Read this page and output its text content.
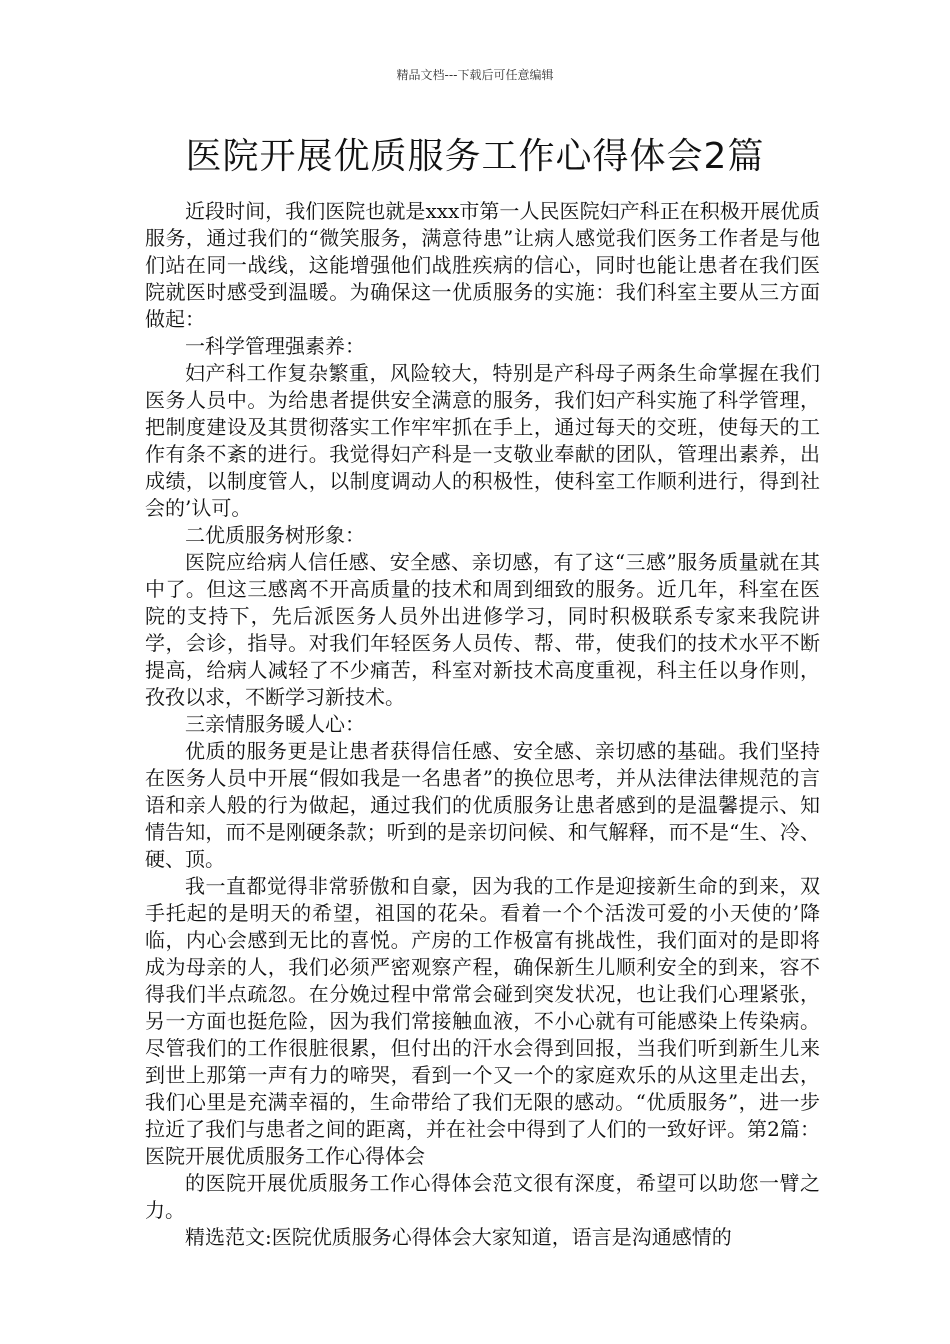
精品文档---下载后可任意编辑
医院开展优质服务工作心得体会2篇

近段时间，我们医院也就是xxx市第一人民医院妇产科正在积极开展优质服务，通过我们的“微笑服务，满意待患”让病人感觉我们医务工作者是与他们站在同一战线，这能增强他们战胜疾病的信心，同时也能让患者在我们医院就医时感受到温暖。为确保这一优质服务的实施：我们科室主要从三方面做起：

一科学管理强素养：

妇产科工作复杂繁重，风险较大，特别是产科母子两条生命掌握在我们医务人员中。为给患者提供安全满意的服务，我们妇产科实施了科学管理，把制度建设及其贯彻落实工作牢牢抓在手上，通过每天的交班，使每天的工作有条不紊的进行。我觉得妇产科是一支敬业奉献的团队，管理出素养，出成绩，以制度管人，以制度调动人的积极性，使科室工作顺利进行，得到社会的’认可。

二优质服务树形象：

医院应给病人信任感、安全感、亲切感，有了这“三感”服务质量就在其中了。但这三感离不开高质量的技术和周到细致的服务。近几年，科室在医院的支持下，先后派医务人员外出进修学习，同时积极联系专家来我院讲学，会诊，指导。对我们年轻医务人员传、帮、带，使我们的技术水平不断提高，给病人减轻了不少痛苦，科室对新技术高度重视，科主任以身作则，孜孜以求，不断学习新技术。

三亲情服务暖人心：

优质的服务更是让患者获得信任感、安全感、亲切感的基础。我们坚持在医务人员中开展“假如我是一名患者”的换位思考，并从法律法律规范的言语和亲人般的行为做起，通过我们的优质服务让患者感到的是温馨提示、知情告知，而不是刚硬条款；听到的是亲切问候、和气解释，而不是“生、冷、硬、顶。

我一直都觉得非常骄傲和自豪，因为我的工作是迎接新生命的到来，双手托起的是明天的希望，祖国的花朵。看着一个个活泼可爱的小天使的’降临，内心会感到无比的喜悦。产房的工作极富有挑战性，我们面对的是即将成为母亲的人，我们必须严密观察产程，确保新生儿顺利安全的到来，容不得我们半点疏忽。在分娩过程中常常会碰到突发状况，也让我们心理紧张，另一方面也挺危险，因为我们常接触血液，不小心就有可能感染上传染病。尽管我们的工作很脏很累，但付出的汗水会得到回报，当我们听到新生儿来到世上那第一声有力的啼哭，看到一个又一个的家庭欢乐的从这里走出去，我们心里是充满幸福的，生命带给了我们无限的感动。“优质服务”，进一步拉近了我们与患者之间的距离，并在社会中得到了人们的一致好评。第2篇：医院开展优质服务工作心得体会

的医院开展优质服务工作心得体会范文很有深度，希望可以助您一臂之力。

精选范文:医院优质服务心得体会大家知道，语言是沟通感情的
